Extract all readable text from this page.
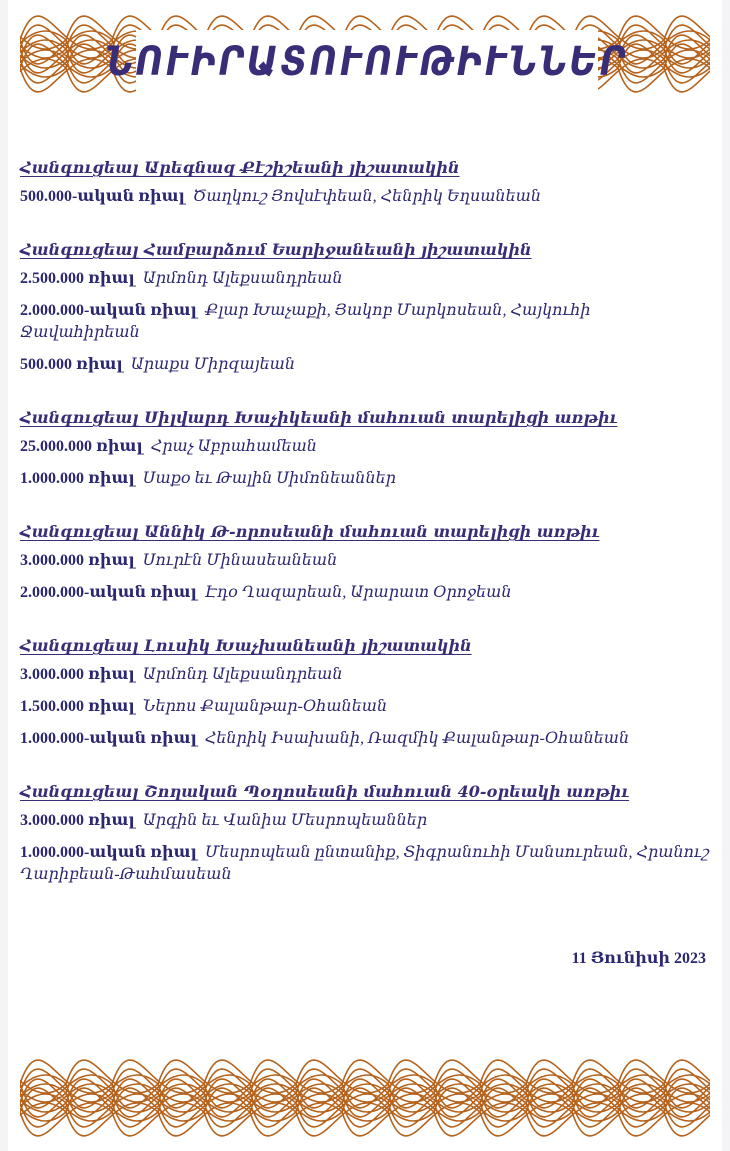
ՆՈՒԻՐԱՏՈՒՈՒԹԻՒՆՆԵՐ
Հանգուցեալ Արեգնազ Քէշիշեանի յիշատակին
500.000-ական ռիալ Ծաղկուշ Յովսէփեան, Հենրիկ Եղսանեան
Հանգուցեալ Համբարձում Եարիջանեանի յիշատակին
2.500.000 ռիալ Արմոնդ Ալեքսանդրեան
2.000.000-ական ռիալ Քլար Խաչաքի, Յակոբ Մարկոսեան, Հայկուհի Ջավահիրեան
500.000 ռիալ Արաքս Միրզայեան
Հանգուցեալ Սիլվարդ Խաչիկեանի մահուան տարելիցի առթիւ
25.000.000 ռիալ Հրաչ Աբրահամեան
1.000.000 ռիալ Սաքօ եւ Թալին Սիմոնեաններ
Հանգուցեալ Աննիկ Թ-որոսեանի մահուան տարելիցի առթիւ
3.000.000 ռիալ Սուրէն Մինասեանեան
2.000.000-ական ռիալ Էդօ Ղազարեան, Արարատ Օրոջեան
Հանգուցեալ Լուսիկ Խաչխանեանի յիշատակին
3.000.000 ռիալ Արմոնդ Ալեքսանդրեան
1.500.000 ռիալ Ներոս Քալանթար-Օհանեան
1.000.000-ական ռիալ Հենրիկ Իսախանի, Ռազմիկ Քալանթար-Օհանեան
Հանգուցեալ Շողական Պօղոսեանի մահուան 40-օրեակի առթիւ
3.000.000 ռիալ Արգին եւ Վանիա Մեսրոպեաններ
1.000.000-ական ռիալ Մեսրոպեան ընտանիք, Տիգրանուհի Մանսուրեան, Հրանուշ Ղարիբեան-Թահմասեան
11 Յունիսի 2023
